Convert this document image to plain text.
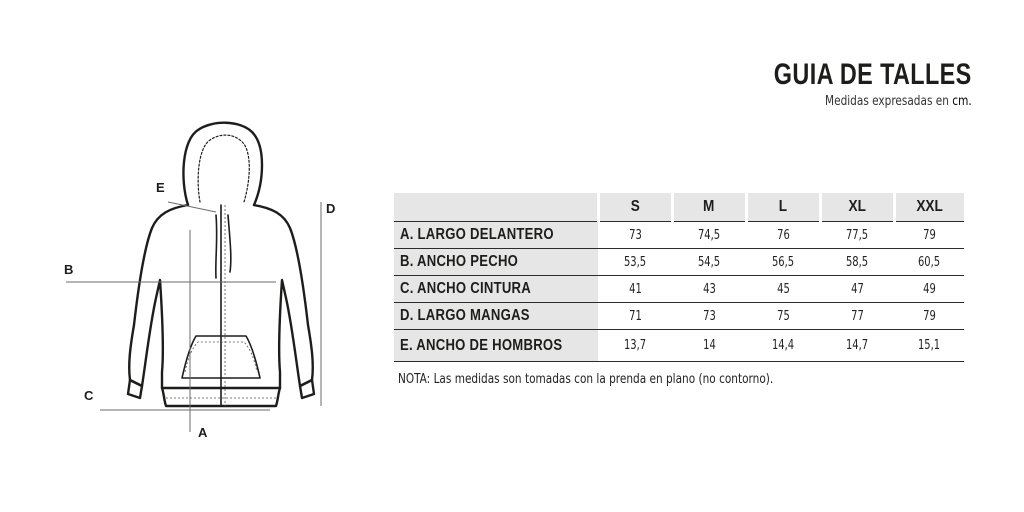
GUIA DE TALLES
Medidas expresadas en cm.
E
B
C
A
D
		S	M	L	XL	XXL
A. LARGO DELANTERO	73	74,5	76	77,5	79
B. ANCHO PECHO	53,5	54,5	56,5	58,5	60,5
C. ANCHO CINTURA	41	43	45	47	49
D. LARGO MANGAS	71	73	75	77	79
E. ANCHO DE HOMBROS	13,7	14	14,4	14,7	15,1
NOTA: Las medidas son tomadas con la prenda en plano (no contorno).
